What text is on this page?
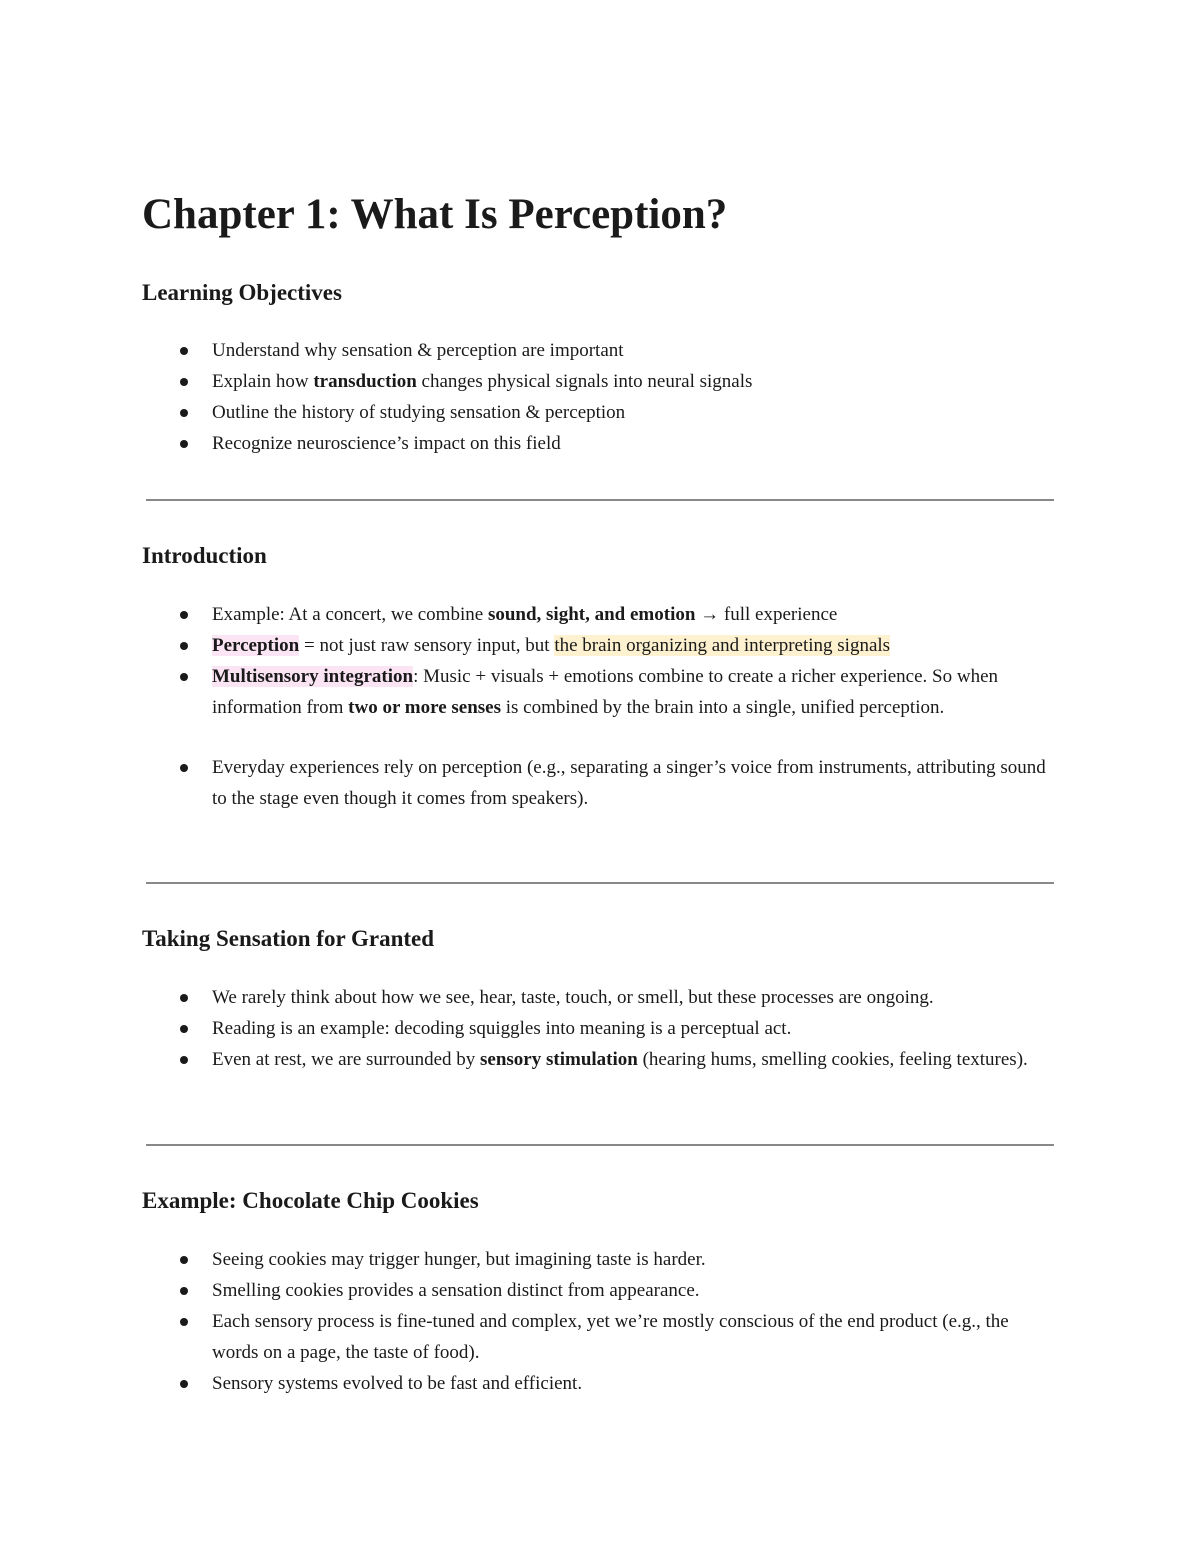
Chapter 1: What Is Perception?
Learning Objectives
Understand why sensation & perception are important
Explain how transduction changes physical signals into neural signals
Outline the history of studying sensation & perception
Recognize neuroscience’s impact on this field
Introduction
Example: At a concert, we combine sound, sight, and emotion → full experience
Perception = not just raw sensory input, but the brain organizing and interpreting signals
Multisensory integration: Music + visuals + emotions combine to create a richer experience. So when information from two or more senses is combined by the brain into a single, unified perception.
Everyday experiences rely on perception (e.g., separating a singer’s voice from instruments, attributing sound to the stage even though it comes from speakers).
Taking Sensation for Granted
We rarely think about how we see, hear, taste, touch, or smell, but these processes are ongoing.
Reading is an example: decoding squiggles into meaning is a perceptual act.
Even at rest, we are surrounded by sensory stimulation (hearing hums, smelling cookies, feeling textures).
Example: Chocolate Chip Cookies
Seeing cookies may trigger hunger, but imagining taste is harder.
Smelling cookies provides a sensation distinct from appearance.
Each sensory process is fine-tuned and complex, yet we’re mostly conscious of the end product (e.g., the words on a page, the taste of food).
Sensory systems evolved to be fast and efficient.
